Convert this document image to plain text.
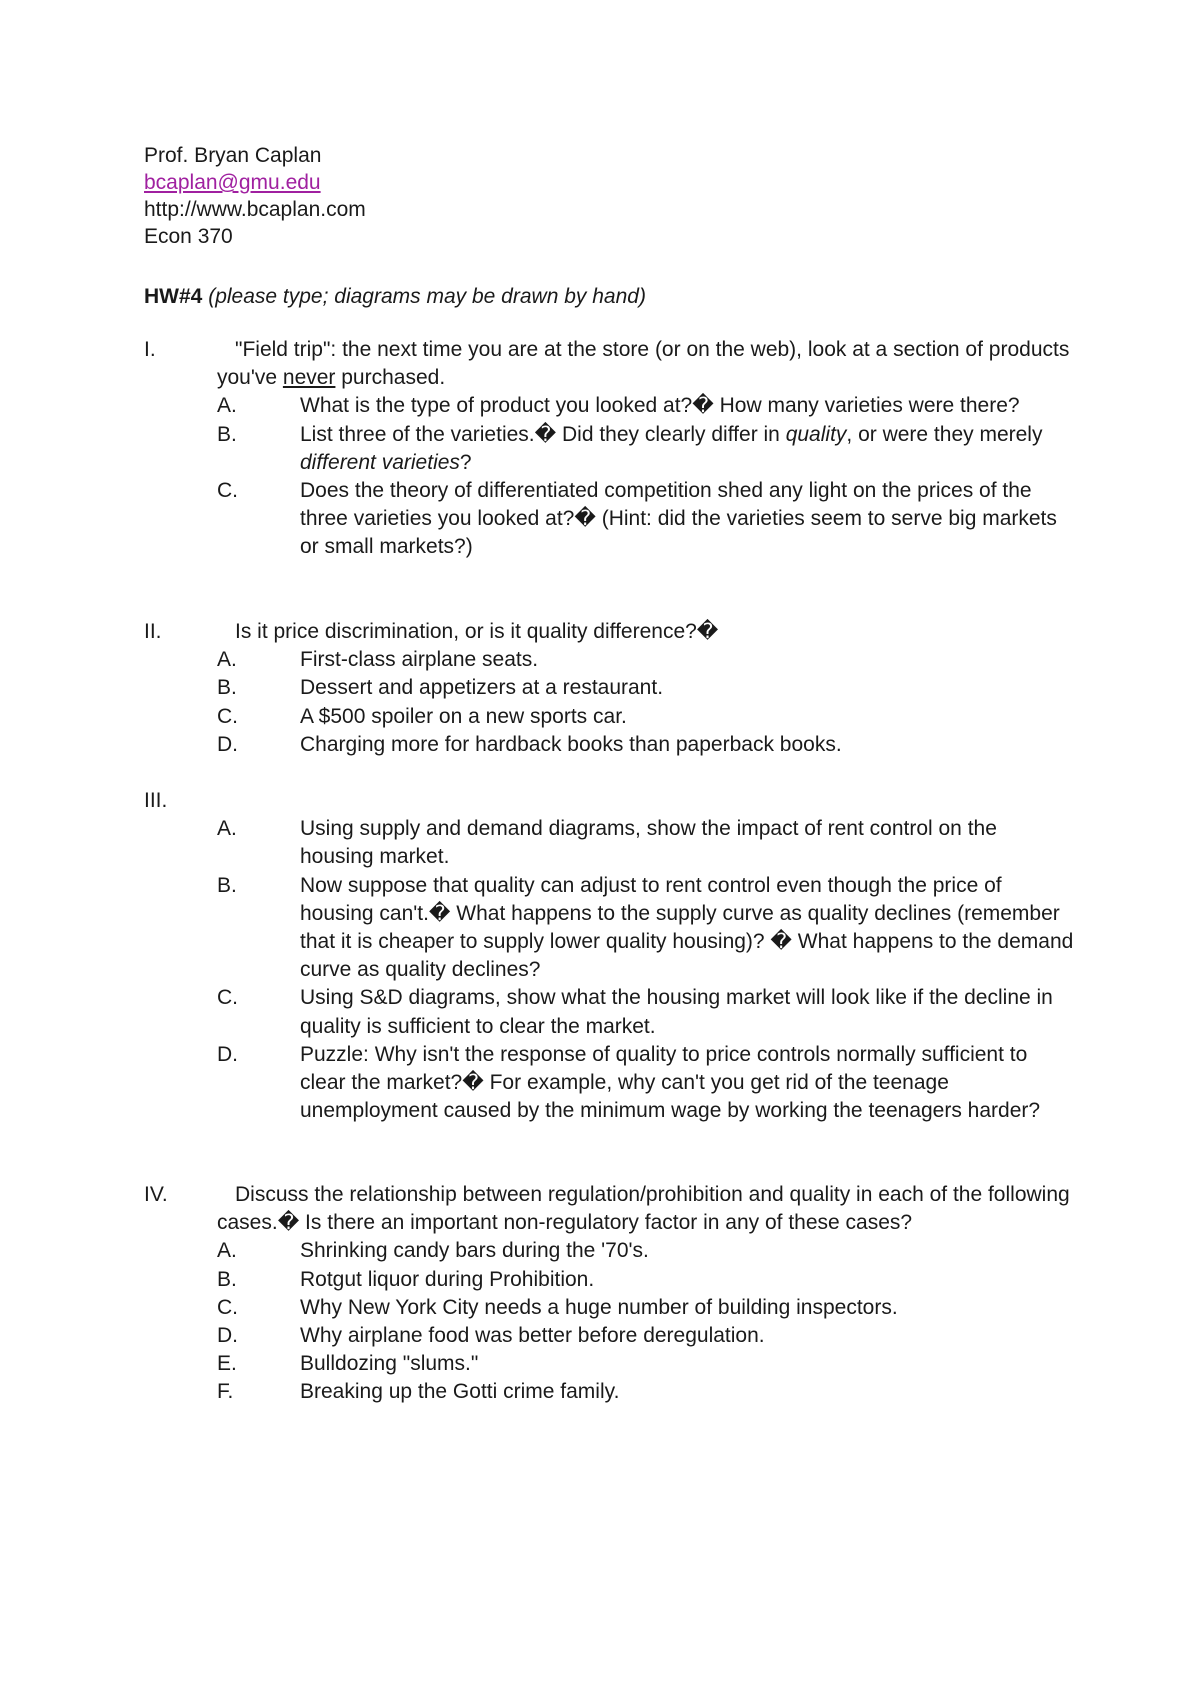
Prof. Bryan Caplan
bcaplan@gmu.edu
http://www.bcaplan.com
Econ 370
HW#4 (please type; diagrams may be drawn by hand)
I.	"Field trip": the next time you are at the store (or on the web), look at a section of products you've never purchased.
A.	What is the type of product you looked at?� How many varieties were there?
B.	List three of the varieties.� Did they clearly differ in quality, or were they merely different varieties?
C.	Does the theory of differentiated competition shed any light on the prices of the three varieties you looked at?� (Hint: did the varieties seem to serve big markets or small markets?)
II.	Is it price discrimination, or is it quality difference?�
A.	First-class airplane seats.
B.	Dessert and appetizers at a restaurant.
C.	A $500 spoiler on a new sports car.
D.	Charging more for hardback books than paperback books.
III.

A.	Using supply and demand diagrams, show the impact of rent control on the housing market.
B.	Now suppose that quality can adjust to rent control even though the price of housing can't.� What happens to the supply curve as quality declines (remember that it is cheaper to supply lower quality housing)? � What happens to the demand curve as quality declines?
C.	Using S&D diagrams, show what the housing market will look like if the decline in quality is sufficient to clear the market.
D.	Puzzle: Why isn't the response of quality to price controls normally sufficient to clear the market?� For example, why can't you get rid of the teenage unemployment caused by the minimum wage by working the teenagers harder?
IV.	Discuss the relationship between regulation/prohibition and quality in each of the following cases.� Is there an important non-regulatory factor in any of these cases?
A.	Shrinking candy bars during the '70's.
B.	Rotgut liquor during Prohibition.
C.	Why New York City needs a huge number of building inspectors.
D.	Why airplane food was better before deregulation.
E.	Bulldozing "slums."
F.	Breaking up the Gotti crime family.
